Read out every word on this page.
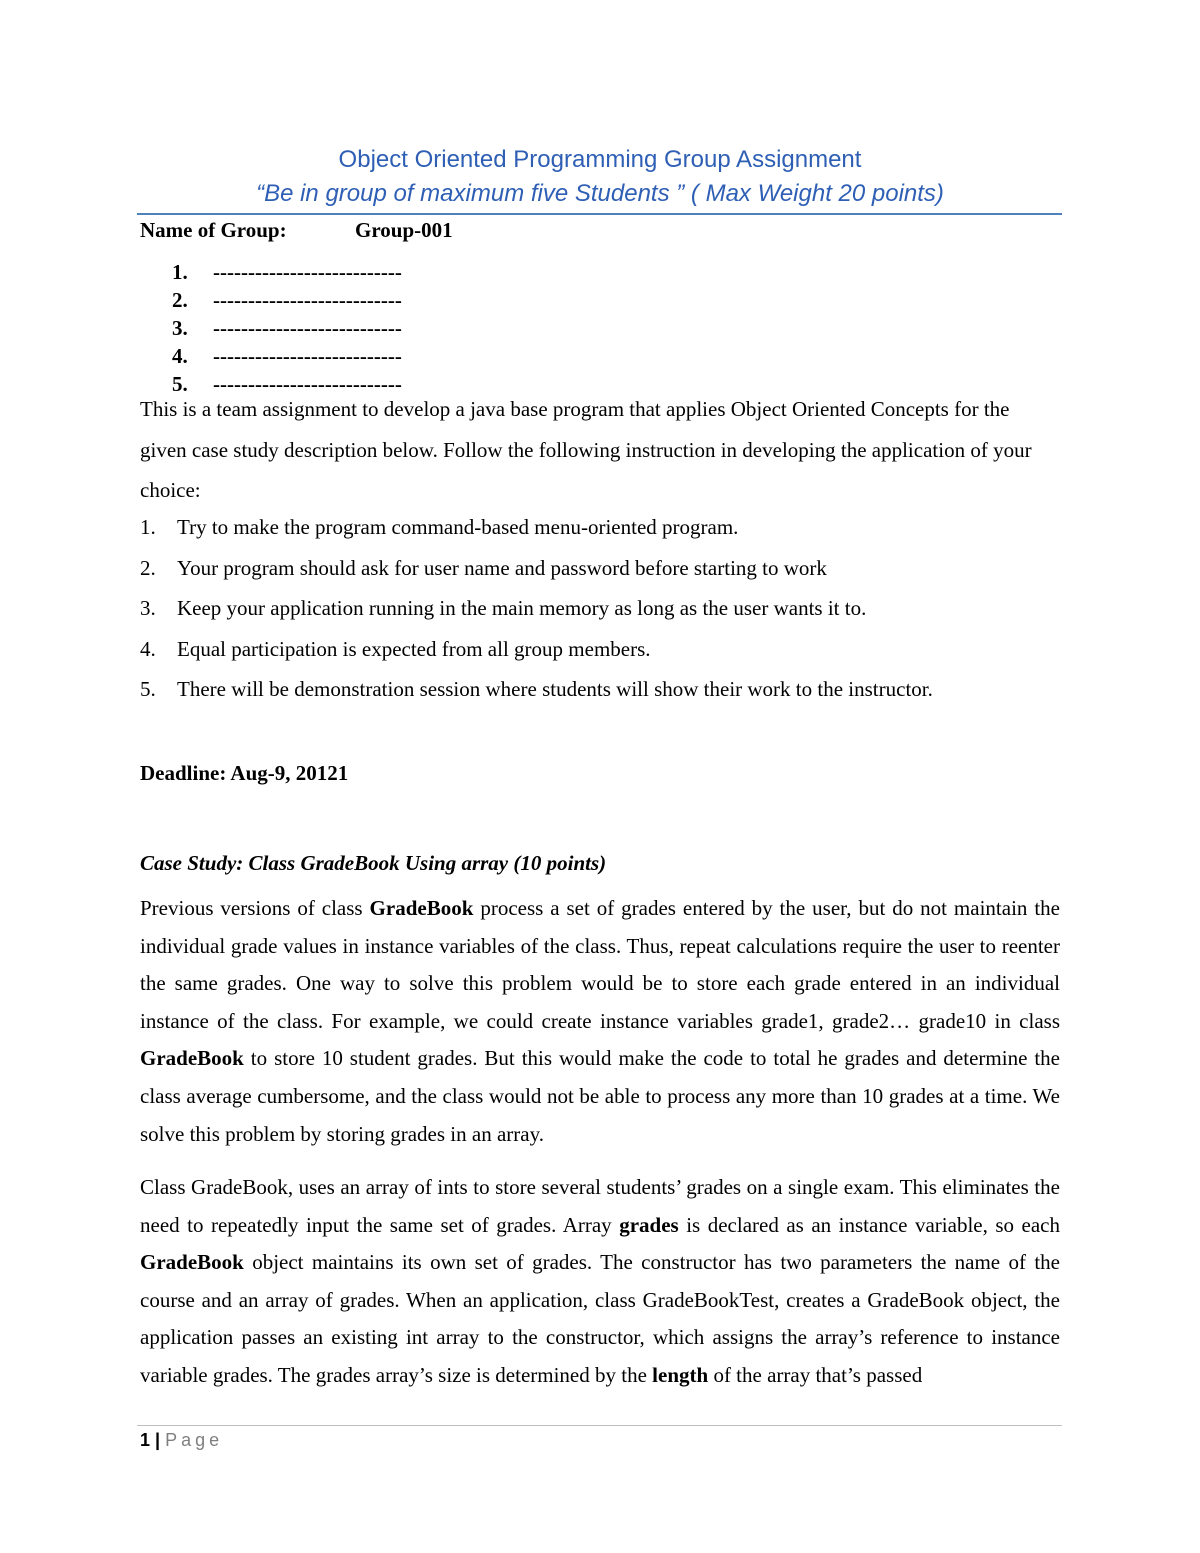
Object Oriented Programming Group Assignment
“Be in group of maximum five Students ” ( Max Weight 20 points)
Name of Group:	Group-001
1. ---------------------------
2. ---------------------------
3. ---------------------------
4. ---------------------------
5. ---------------------------
This is a team assignment to develop a java base program that applies Object Oriented Concepts for the given case study description below. Follow the following instruction in developing the application of your choice:
1. Try to make the program command-based menu-oriented program.
2. Your program should ask for user name and password before starting to work
3. Keep your application running in the main memory as long as the user wants it to.
4. Equal participation is expected from all group members.
5. There will be demonstration session where students will show their work to the instructor.
Deadline: Aug-9, 20121
Case Study: Class GradeBook Using array (10 points)
Previous versions of class GradeBook process a set of grades entered by the user, but do not maintain the individual grade values in instance variables of the class. Thus, repeat calculations require the user to reenter the same grades. One way to solve this problem would be to store each grade entered in an individual instance of the class. For example, we could create instance variables grade1, grade2… grade10 in class GradeBook to store 10 student grades. But this would make the code to total he grades and determine the class average cumbersome, and the class would not be able to process any more than 10 grades at a time. We solve this problem by storing grades in an array.
Class GradeBook, uses an array of ints to store several students’ grades on a single exam. This eliminates the need to repeatedly input the same set of grades. Array grades is declared as an instance variable, so each GradeBook object maintains its own set of grades. The constructor has two parameters the name of the course and an array of grades. When an application, class GradeBookTest, creates a GradeBook object, the application passes an existing int array to the constructor, which assigns the array’s reference to instance variable grades. The grades array’s size is determined by the length of the array that’s passed
1 | Page
